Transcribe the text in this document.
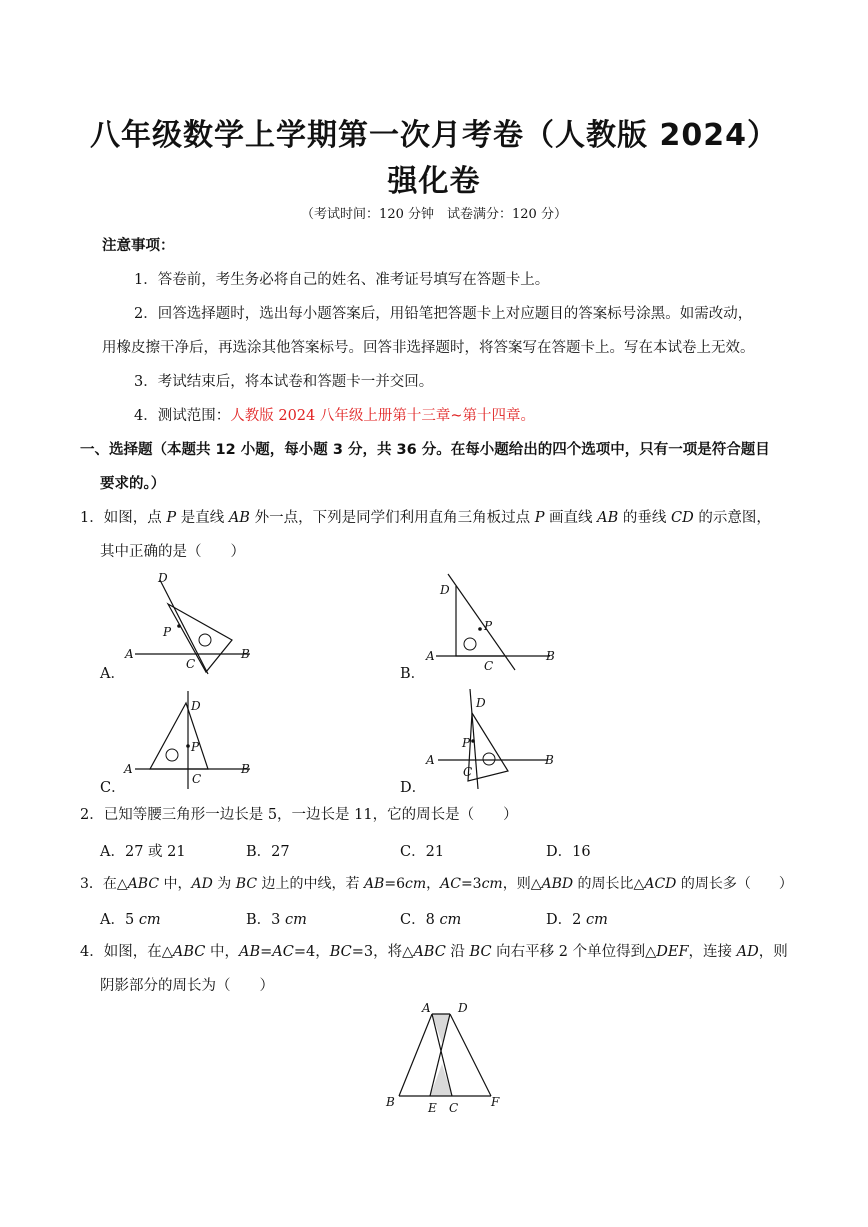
八年级数学上学期第一次月考卷（人教版 2024）
强化卷
（考试时间：120 分钟　试卷满分：120 分）
注意事项：
1．答卷前，考生务必将自己的姓名、准考证号填写在答题卡上。
2．回答选择题时，选出每小题答案后，用铅笔把答题卡上对应题目的答案标号涂黑。如需改动，
用橡皮擦干净后，再选涂其他答案标号。回答非选择题时，将答案写在答题卡上。写在本试卷上无效。
3．考试结束后，将本试卷和答题卡一并交回。
4．测试范围：人教版 2024 八年级上册第十三章~第十四章。
一、选择题（本题共 12 小题，每小题 3 分，共 36 分。在每小题给出的四个选项中，只有一项是符合题目
要求的。）
1．如图，点 P 是直线 AB 外一点，下列是同学们利用直角三角板过点 P 画直线 AB 的垂线 CD 的示意图，
其中正确的是（　　）
D
P
A	B
C
A．
D
P
A	B
C
B．
D
P
A	B
C
C．
D
P
A	B
C
D．
2．已知等腰三角形一边长是 5，一边长是 11，它的周长是（　　）
A．27 或 21	B．27	C．21	D．16
3．在△ABC 中，AD 为 BC 边上的中线，若 AB=6cm，AC=3cm，则△ABD 的周长比△ACD 的周长多（　　）
A．5 cm	B．3 cm	C．8 cm	D．2 cm
4．如图，在△ABC 中，AB=AC=4，BC=3，将△ABC 沿 BC 向右平移 2 个单位得到△DEF，连接 AD，则
阴影部分的周长为（　　）
A D
B	E C	F
